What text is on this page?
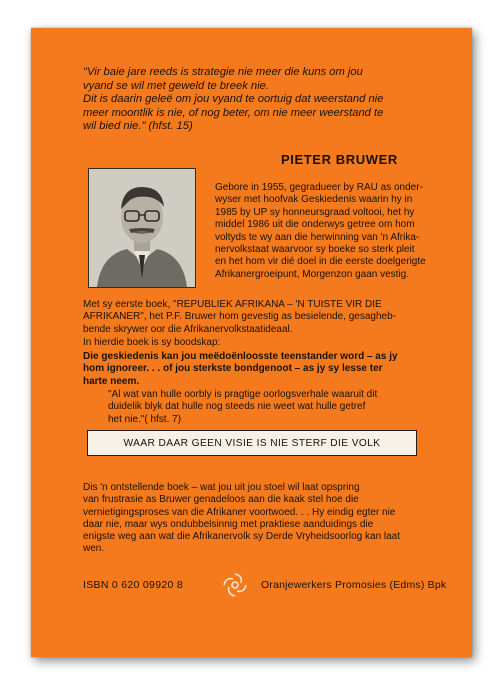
"Vir baie jare reeds is strategie nie meer die kuns om jou
vyand se wil met geweld te breek nie.
Dit is daarin geleë om jou vyand te oortuig dat weerstand nie
meer moontlik is nie, of nog beter, om nie meer weerstand te
wil bied nie." (hfst. 15)
PIETER BRUWER
Gebore in 1955, gegradueer by RAU as onder-
wyser met hoofvak Geskiedenis waarin hy in
1985 by UP sy honneursgraad voltooi, het hy
middel 1986 uit die onderwys getree om hom
voltyds te wy aan die herwinning van 'n Afrika-
nervolkstaat waarvoor sy boeke so sterk pleit
en het hom vir dié doel in die eerste doelgerigte
Afrikanergroeipunt, Morgenzon gaan vestig.
Met sy eerste boek, "REPUBLIEK AFRIKANA – 'N TUISTE VIR DIE
AFRIKANER", het P.F. Bruwer hom gevestig as besielende, gesagheb-
bende skrywer oor die Afrikanervolkstaatideaal.
In hierdie boek is sy boodskap:
Die geskiedenis kan jou meëdoënloosste teenstander word – as jy
hom ignoreer. . . of jou sterkste bondgenoot – as jy sy lesse ter
harte neem.
"Al wat van hulle oorbly is pragtige oorlogsverhale waaruit dit
duidelik blyk dat hulle nog steeds nie weet wat hulle getref
het nie."( hfst. 7)
WAAR DAAR GEEN VISIE IS NIE STERF DIE VOLK
Dis 'n ontstellende boek – wat jou uit jou stoel wil laat opspring
van frustrasie as Bruwer genadeloos aan die kaak stel hoe die
vernietigingsproses van die Afrikaner voortwoed. . . Hy eindig egter nie
daar nie, maar wys ondubbelsinnig met praktiese aanduidings die
enigste weg aan wat die Afrikanervolk sy Derde Vryheidsoorlog kan laat
wen.
ISBN 0 620 09920 8	Oranjewerkers Promosies (Edms) Bpk
